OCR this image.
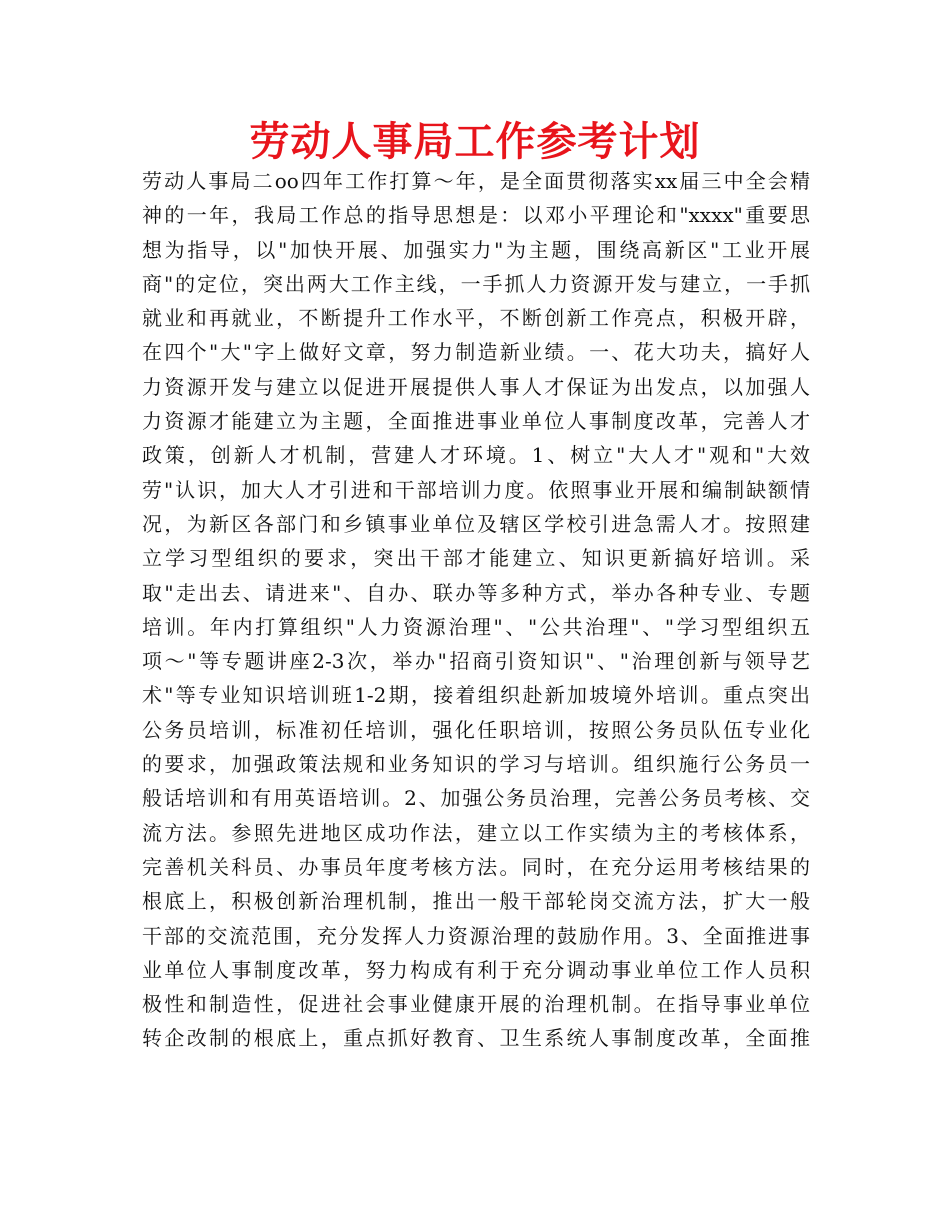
劳动人事局工作参考计划
劳动人事局二oo四年工作打算～年，是全面贯彻落实xx届三中全会精
神的一年，我局工作总的指导思想是：以邓小平理论和"xxxx"重要思
想为指导，以"加快开展、加强实力"为主题，围绕高新区"工业开展
商"的定位，突出两大工作主线，一手抓人力资源开发与建立，一手抓
就业和再就业，不断提升工作水平，不断创新工作亮点，积极开辟，
在四个"大"字上做好文章，努力制造新业绩。一、花大功夫，搞好人
力资源开发与建立以促进开展提供人事人才保证为出发点，以加强人
力资源才能建立为主题，全面推进事业单位人事制度改革，完善人才
政策，创新人才机制，营建人才环境。1、树立"大人才"观和"大效
劳"认识，加大人才引进和干部培训力度。依照事业开展和编制缺额情
况，为新区各部门和乡镇事业单位及辖区学校引进急需人才。按照建
立学习型组织的要求，突出干部才能建立、知识更新搞好培训。采
取"走出去、请进来"、自办、联办等多种方式，举办各种专业、专题
培训。年内打算组织"人力资源治理"、"公共治理"、"学习型组织五
项～"等专题讲座2-3次，举办"招商引资知识"、"治理创新与领导艺
术"等专业知识培训班1-2期，接着组织赴新加坡境外培训。重点突出
公务员培训，标准初任培训，强化任职培训，按照公务员队伍专业化
的要求，加强政策法规和业务知识的学习与培训。组织施行公务员一
般话培训和有用英语培训。2、加强公务员治理，完善公务员考核、交
流方法。参照先进地区成功作法，建立以工作实绩为主的考核体系，
完善机关科员、办事员年度考核方法。同时，在充分运用考核结果的
根底上，积极创新治理机制，推出一般干部轮岗交流方法，扩大一般
干部的交流范围，充分发挥人力资源治理的鼓励作用。3、全面推进事
业单位人事制度改革，努力构成有利于充分调动事业单位工作人员积
极性和制造性，促进社会事业健康开展的治理机制。在指导事业单位
转企改制的根底上，重点抓好教育、卫生系统人事制度改革，全面推
